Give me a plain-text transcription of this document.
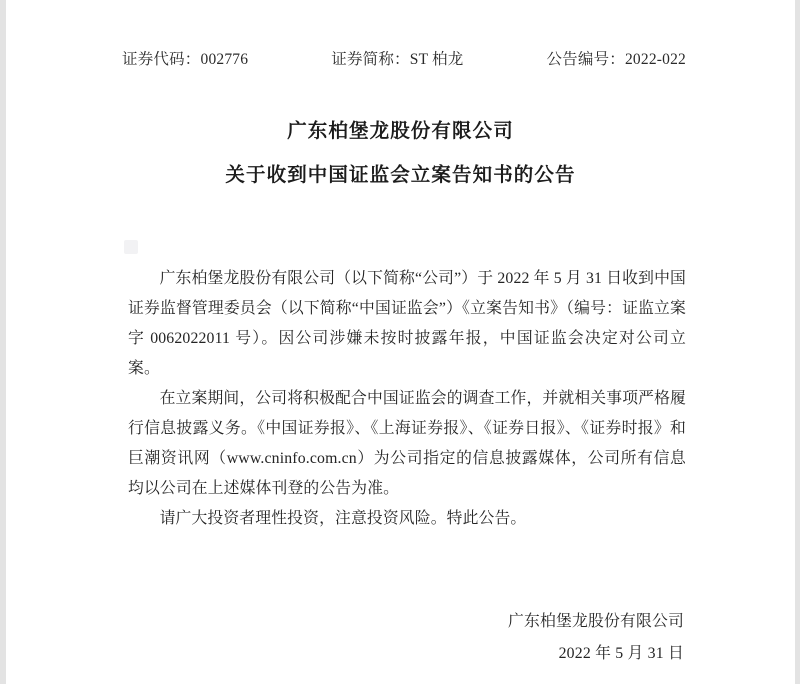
证券代码：002776	证券简称：ST 柏龙	公告编号：2022-022
广东柏堡龙股份有限公司
关于收到中国证监会立案告知书的公告

广东柏堡龙股份有限公司（以下简称“公司”）于 2022 年 5 月 31 日收到中国证券监督管理委员会（以下简称“中国证监会”）《立案告知书》（编号：证监立案字 0062022011 号）。因公司涉嫌未按时披露年报，中国证监会决定对公司立案。

在立案期间，公司将积极配合中国证监会的调查工作，并就相关事项严格履行信息披露义务。《中国证券报》、《上海证券报》、《证券日报》、《证券时报》和巨潮资讯网（www.cninfo.com.cn）为公司指定的信息披露媒体，公司所有信息均以公司在上述媒体刊登的公告为准。

请广大投资者理性投资，注意投资风险。特此公告。

广东柏堡龙股份有限公司
2022 年 5 月 31 日
